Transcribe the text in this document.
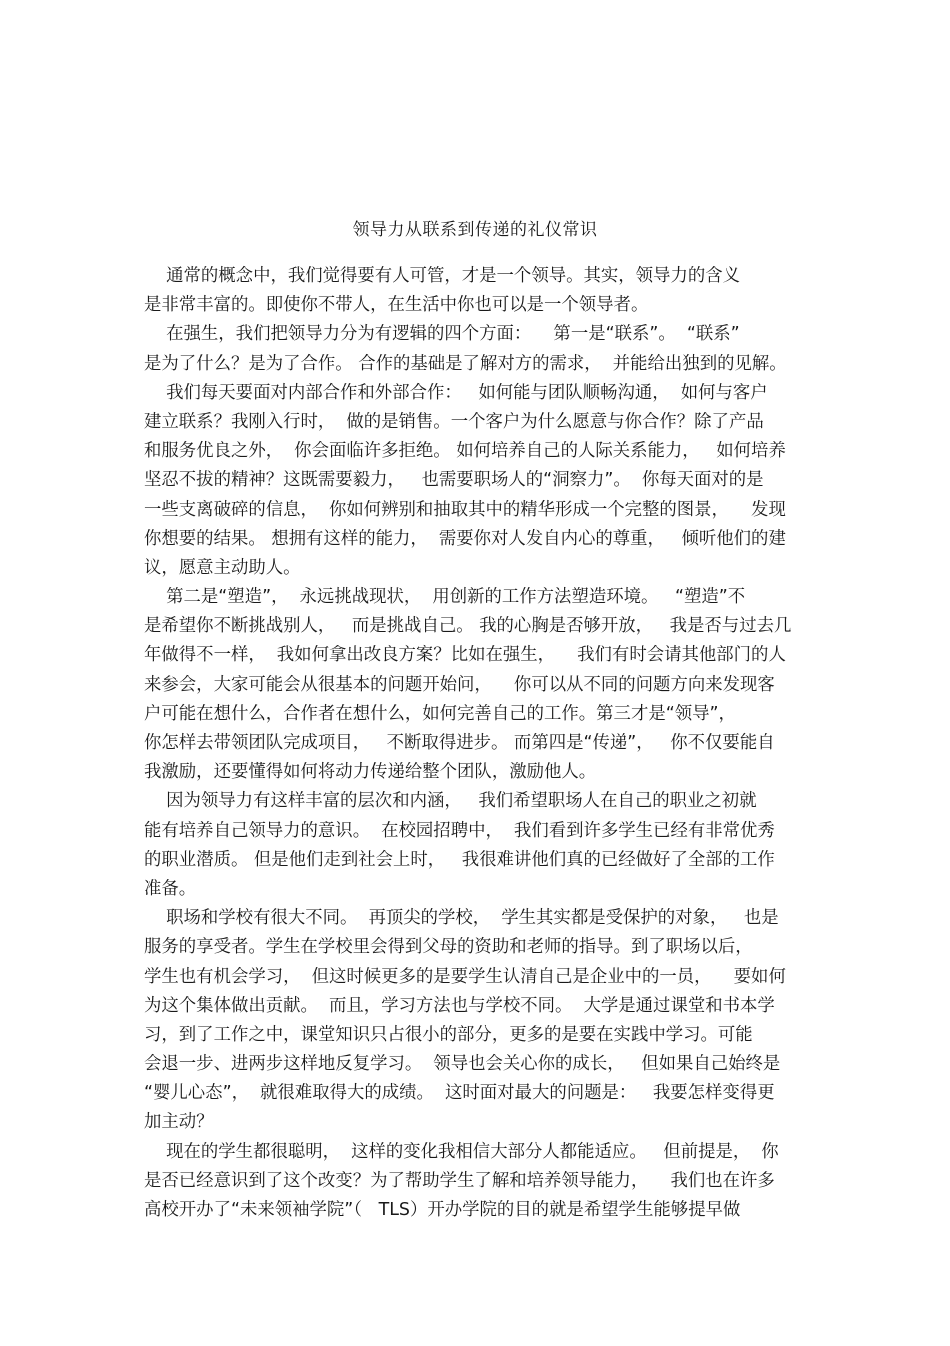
领导力从联系到传递的礼仪常识
通常的概念中，我们觉得要有人可管，才是一个领导。其实，领导力的含义
是非常丰富的。即使你不带人，在生活中你也可以是一个领导者。
在强生，我们把领导力分为有逻辑的四个方面：    第一是“联系”。  “联系”
是为了什么？是为了合作。 合作的基础是了解对方的需求，  并能给出独到的见解。
我们每天要面对内部合作和外部合作：   如何能与团队顺畅沟通，  如何与客户
建立联系？我刚入行时，  做的是销售。一个客户为什么愿意与你合作？除了产品
和服务优良之外，  你会面临许多拒绝。 如何培养自己的人际关系能力，   如何培养
坚忍不拔的精神？这既需要毅力，   也需要职场人的“洞察力”。  你每天面对的是
一些支离破碎的信息，  你如何辨别和抽取其中的精华形成一个完整的图景，    发现
你想要的结果。 想拥有这样的能力，  需要你对人发自内心的尊重，   倾听他们的建
议，愿意主动助人。
第二是“塑造”，  永远挑战现状，  用创新的工作方法塑造环境。   “塑造”不
是希望你不断挑战别人，   而是挑战自己。 我的心胸是否够开放，   我是否与过去几
年做得不一样，  我如何拿出改良方案？比如在强生，    我们有时会请其他部门的人
来参会，大家可能会从很基本的问题开始问，    你可以从不同的问题方向来发现客
户可能在想什么，合作者在想什么，如何完善自己的工作。第三才是“领导”，
你怎样去带领团队完成项目，   不断取得进步。 而第四是“传递”，   你不仅要能自
我激励，还要懂得如何将动力传递给整个团队，激励他人。
因为领导力有这样丰富的层次和内涵，   我们希望职场人在自己的职业之初就
能有培养自己领导力的意识。  在校园招聘中，  我们看到许多学生已经有非常优秀
的职业潜质。 但是他们走到社会上时，   我很难讲他们真的已经做好了全部的工作
准备。
职场和学校有很大不同。  再顶尖的学校，  学生其实都是受保护的对象，   也是
服务的享受者。学生在学校里会得到父母的资助和老师的指导。到了职场以后，
学生也有机会学习，  但这时候更多的是要学生认清自己是企业中的一员，    要如何
为这个集体做出贡献。  而且，学习方法也与学校不同。  大学是通过课堂和书本学
习，到了工作之中，课堂知识只占很小的部分，更多的是要在实践中学习。可能
会退一步、进两步这样地反复学习。  领导也会关心你的成长，   但如果自己始终是
“婴儿心态”，  就很难取得大的成绩。  这时面对最大的问题是：   我要怎样变得更
加主动？
现在的学生都很聪明，  这样的变化我相信大部分人都能适应。   但前提是，  你
是否已经意识到了这个改变？为了帮助学生了解和培养领导能力，    我们也在许多
高校开办了“未来领袖学院”（   TLS）开办学院的目的就是希望学生能够提早做
